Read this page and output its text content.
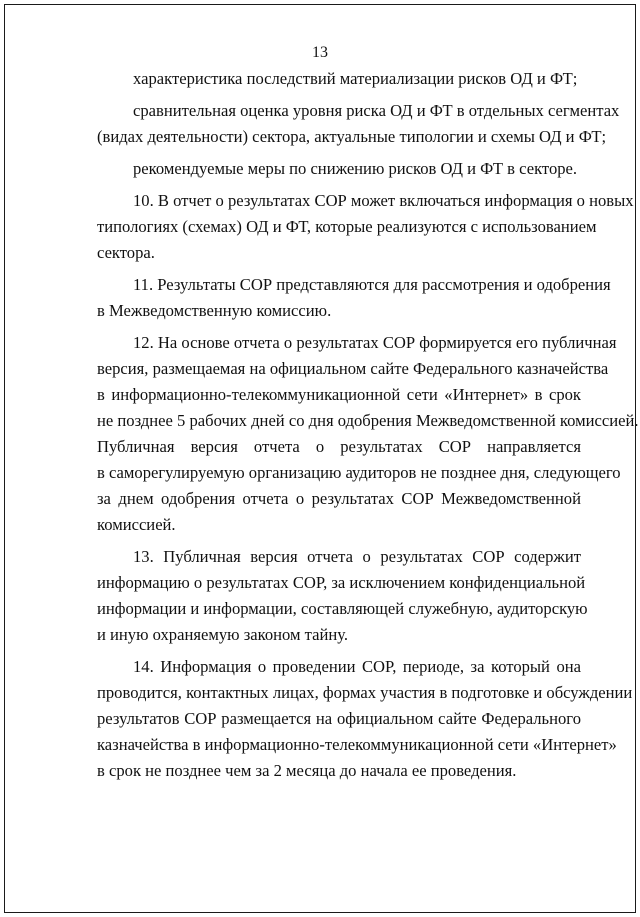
13
характеристика последствий материализации рисков ОД и ФТ;
сравнительная оценка уровня риска ОД и ФТ в отдельных сегментах
(видах деятельности) сектора, актуальные типологии и схемы ОД и ФТ;
рекомендуемые меры по снижению рисков ОД и ФТ в секторе.
10. В отчет о результатах СОР может включаться информация о новых
типологиях (схемах) ОД и ФТ, которые реализуются с использованием
сектора.
11. Результаты СОР представляются для рассмотрения и одобрения
в Межведомственную комиссию.
12. На основе отчета о результатах СОР формируется его публичная
версия, размещаемая на официальном сайте Федерального казначейства
в информационно-телекоммуникационной сети «Интернет» в срок
не позднее 5 рабочих дней со дня одобрения Межведомственной комиссией.
Публичная версия отчета о результатах СОР направляется
в саморегулируемую организацию аудиторов не позднее дня, следующего
за днем одобрения отчета о результатах СОР Межведомственной
комиссией.
13. Публичная версия отчета о результатах СОР содержит
информацию о результатах СОР, за исключением конфиденциальной
информации и информации, составляющей служебную, аудиторскую
и иную охраняемую законом тайну.
14. Информация о проведении СОР, периоде, за который она
проводится, контактных лицах, формах участия в подготовке и обсуждении
результатов СОР размещается на официальном сайте Федерального
казначейства в информационно-телекоммуникационной сети «Интернет»
в срок не позднее чем за 2 месяца до начала ее проведения.
